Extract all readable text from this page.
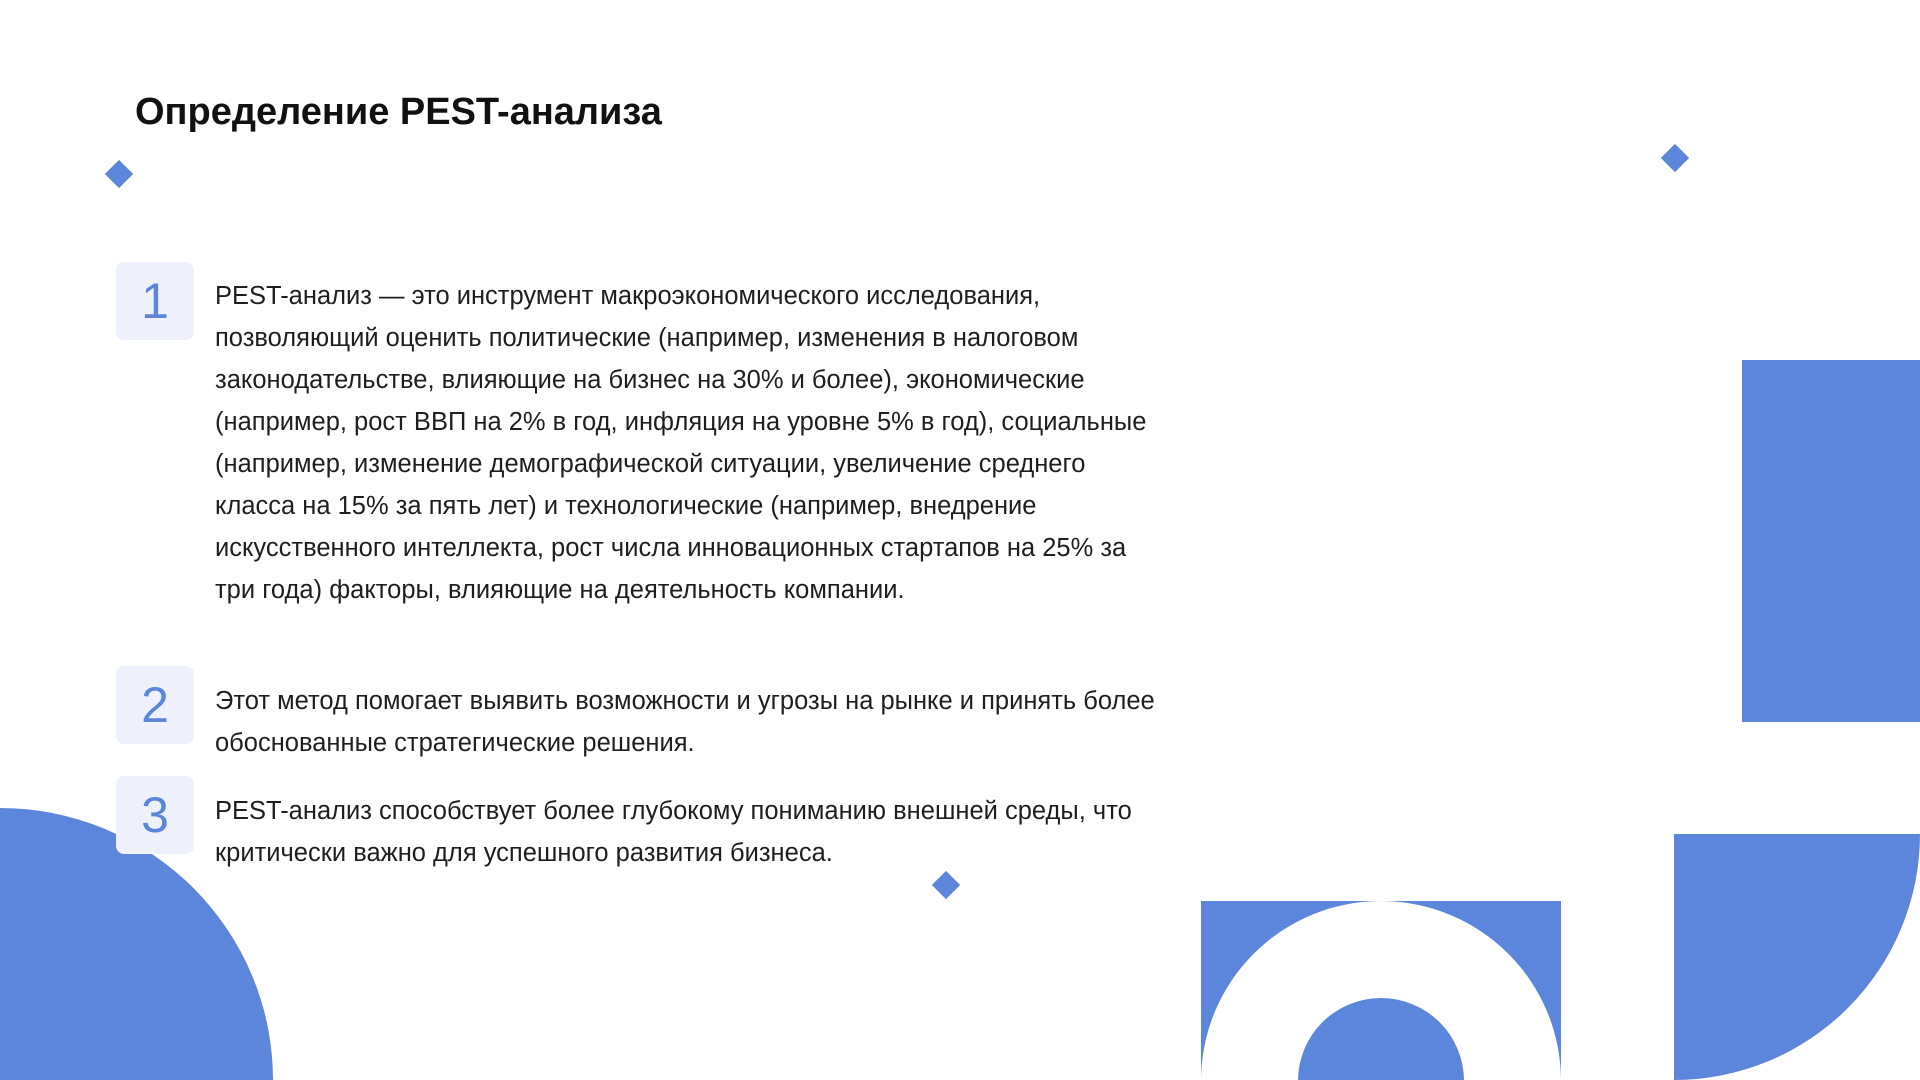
Определение PEST-анализа
1	PEST-анализ — это инструмент макроэкономического исследования,
позволяющий оценить политические (например, изменения в налоговом
законодательстве, влияющие на бизнес на 30% и более), экономические
(например, рост ВВП на 2% в год, инфляция на уровне 5% в год), социальные
(например, изменение демографической ситуации, увеличение среднего
класса на 15% за пять лет) и технологические (например, внедрение
искусственного интеллекта, рост числа инновационных стартапов на 25% за
три года) факторы, влияющие на деятельность компании.

2	Этот метод помогает выявить возможности и угрозы на рынке и принять более
обоснованные стратегические решения.

3	PEST-анализ способствует более глубокому пониманию внешней среды, что
критически важно для успешного развития бизнеса.
